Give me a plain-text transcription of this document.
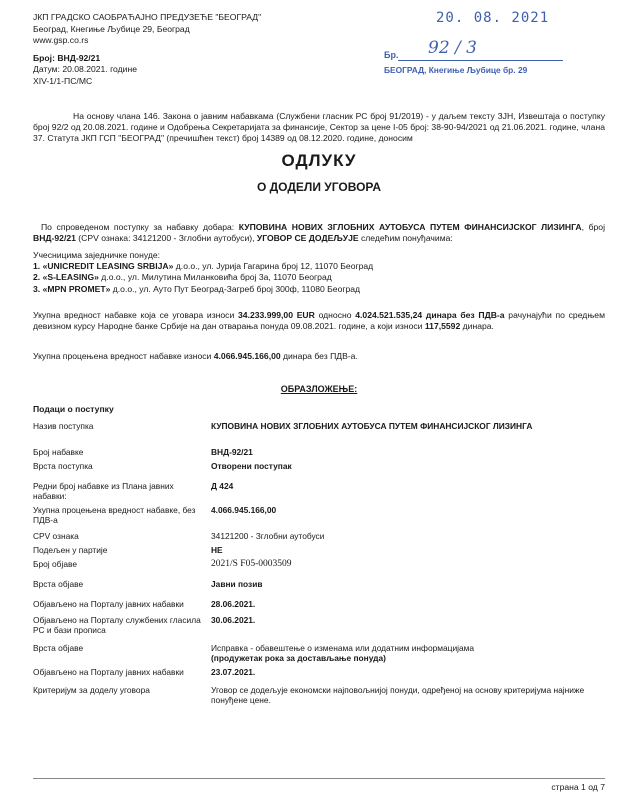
ЈКП ГРАДСКО САОБРАЋАЈНО ПРЕДУЗЕЋЕ "БЕОГРАД"
Београд, Кнегиње Љубице 29, Београд
www.gsp.co.rs
Број: ВНД-92/21
Датум: 20.08.2021. године
XIV-1/1-ПС/МС
20. 08. 2021
Бр. 92 / 3
БЕОГРАД, Кнегиње Љубице бр. 29
На основу члана 146. Закона о јавним набавкама (Службени гласник РС број 91/2019) - у даљем тексту ЗЈН, Извештаја о поступку број 92/2 од 20.08.2021. године и Одобрења Секретаријата за финансије, Сектор за цене I-05 број: 38-90-94/2021 од 21.06.2021. године, члана 37. Статута ЈКП ГСП "БЕОГРАД" (пречишћен текст) број 14389 од 08.12.2020. године, доносим
ОДЛУКУ
О ДОДЕЛИ УГОВОРА
По спроведеном поступку за набавку добара: КУПОВИНА НОВИХ ЗГЛОБНИХ АУТОБУСА ПУТЕМ ФИНАНСИЈСКОГ ЛИЗИНГА, број ВНД-92/21 (CPV ознака: 34121200 - Зглобни аутобуси), УГОВОР СЕ ДОДЕЉУЈЕ следећим понуђачима:
Учесницима заједничке понуде:
1. «UNICREDIT LEASING SRBIJA» д.о.о., ул. Јурија Гагарина број 12, 11070 Београд
2. «S-LEASING» д.о.о., ул. Милутина Миланковића број 3а, 11070 Београд
3. «MPN PROMET» д.о.о., ул. Ауто Пут Београд-Загреб број 300ф, 11080 Београд
Укупна вредност набавке која се уговара износи 34.233.999,00 EUR односно 4.024.521.535,24 динара без ПДВ-а рачунајући по средњем девизном курсу Народне банке Србије на дан отварања понуда 09.08.2021. године, а који износи 117,5592 динара.
Укупна процењена вредност набавке износи 4.066.945.166,00 динара без ПДВ-а.
ОБРАЗЛОЖЕЊЕ:
Подаци о поступку	
Назив поступка	КУПОВИНА НОВИХ ЗГЛОБНИХ АУТОБУСА ПУТЕМ ФИНАНСИЈСКОГ ЛИЗИНГА

Број набавке	ВНД-92/21

Врста поступка	Отворени поступак

Редни број набавке из Плана јавних набавки:	Д 424

Укупна процењена вредност набавке, без ПДВ-а	4.066.945.166,00

CPV ознака	34121200 - Зглобни аутобуси

Подељен у партије	НЕ

Број објаве	2021/S F05-0003509

Врста објаве	Јавни позив

Објављено на Порталу јавних набавки	28.06.2021.

Објављено на Порталу службених гласила РС и бази прописа	30.06.2021.

Врста објаве	Исправка - обавештење о изменама или додатним информацијама
(продужетак рока за достављање понуда)

Објављено на Порталу јавних набавки	23.07.2021.

Критеријум за доделу уговора	Уговор се додељује економски најповољнијој понуди, одређеној на основу критеријума најниже понуђене цене.
страна 1 од 7
